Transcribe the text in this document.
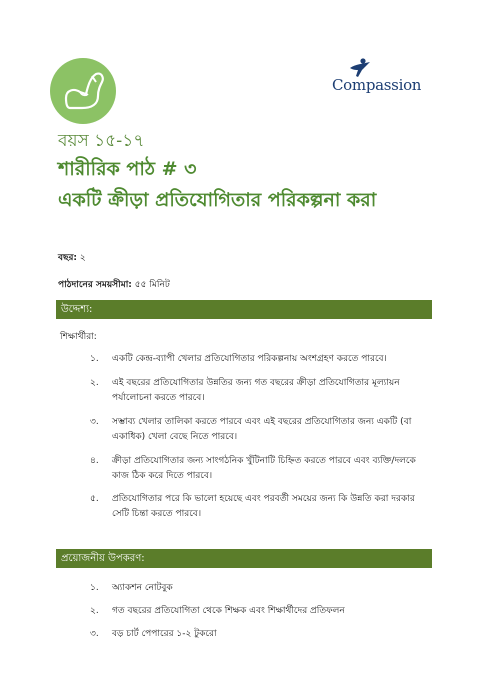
Compassion
বয়স ১৫-১৭
শারীরিক পাঠ # ৩
একটি ক্রীড়া প্রতিযোগিতার পরিকল্পনা করা
বছর: ২
পাঠদানের সময়সীমা: ৫৫ মিনিট
উদ্দেশ্য:
শিক্ষার্থীরা:
১. একটি কেন্দ্র-ব্যাপী খেলার প্রতিযোগিতার পরিকল্পনায় অংশগ্রহণ করতে পারবে।
২. এই বছরের প্রতিযোগিতার উন্নতির জন্য গত বছরের ক্রীড়া প্রতিযোগিতার মূল্যায়ন পর্যালোচনা করতে পারবে।
৩. সম্ভাব্য খেলার তালিকা করতে পারবে এবং এই বছরের প্রতিযোগিতার জন্য একটি (বা একাধিক) খেলা বেছে নিতে পারবে।
৪. ক্রীড়া প্রতিযোগিতার জন্য সাংগঠনিক খুঁটিনাটি চিহ্নিত করতে পারবে এবং ব্যক্তি/দলকে কাজ ঠিক করে দিতে পারবে।
৫. প্রতিযোগিতার পরে কি ভালো হয়েছে এবং পরবর্তী সময়ের জন্য কি উন্নতি করা দরকার সেটি চিন্তা করতে পারবে।
প্রয়োজনীয় উপকরণ:
১. অ্যাকশন নোটবুক
২. গত বছরের প্রতিযোগিতা থেকে শিক্ষক এবং শিক্ষার্থীদের প্রতিফলন
৩. বড় চার্ট পেপারের ১-২ টুকরো
